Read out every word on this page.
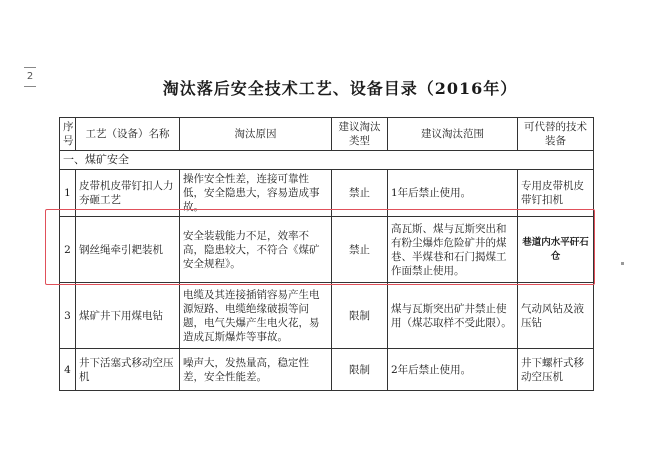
2
淘汰落后安全技术工艺、设备目录（2016年）
序号	工艺（设备）名称	淘汰原因	建议淘汰类型	建议淘汰范围	可代替的技术装备
一、煤矿安全					
1	皮带机皮带钉扣人力夯砸工艺	操作安全性差，连接可靠性低，安全隐患大，容易造成事故。	禁止	1年后禁止使用。	专用皮带机皮带钉扣机
2	钢丝绳牵引耙装机	安全装载能力不足，效率不高，隐患较大，不符合《煤矿安全规程》。	禁止	高瓦斯、煤与瓦斯突出和有粉尘爆炸危险矿井的煤巷、半煤巷和石门揭煤工作面禁止使用。	巷道内水平矸石仓
3	煤矿井下用煤电钻	电缆及其连接插销容易产生电源短路、电缆绝缘破损等问题，电气失爆产生电火花，易造成瓦斯爆炸等事故。	限制	煤与瓦斯突出矿井禁止使用（煤芯取样不受此限）。	气动风钻及液压钻
4	井下活塞式移动空压机	噪声大，发热量高，稳定性差，安全性能差。	限制	2年后禁止使用。	井下螺杆式移动空压机
